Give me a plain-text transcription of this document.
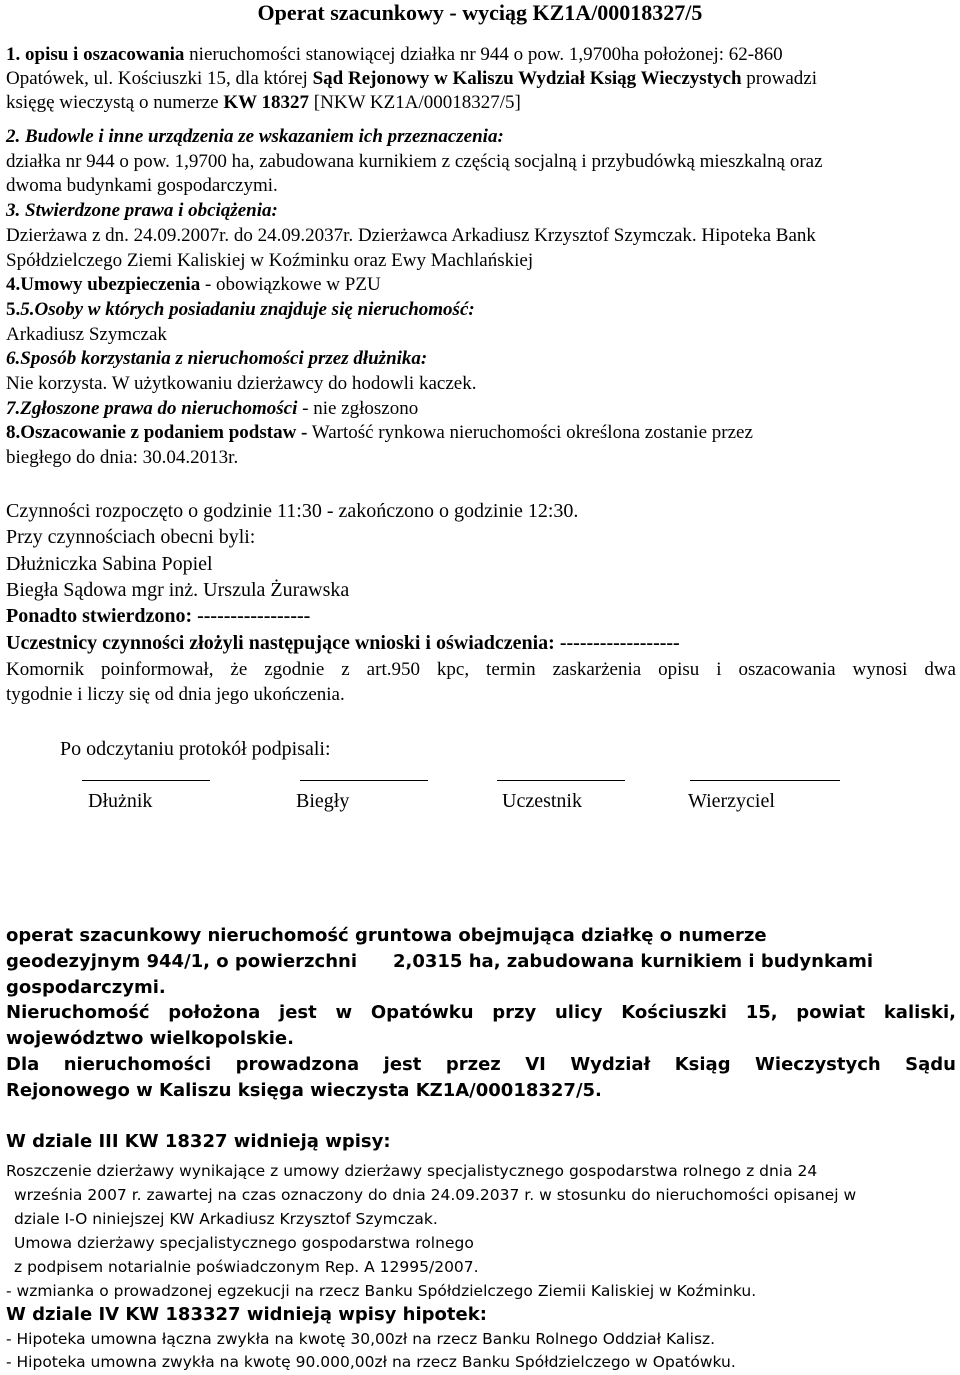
Operat szacunkowy - wyciąg KZ1A/00018327/5
1. opisu i oszacowania nieruchomości stanowiącej działka nr 944 o pow. 1,9700ha położonej: 62-860
Opatówek, ul. Kościuszki 15, dla której Sąd Rejonowy w Kaliszu Wydział Ksiąg Wieczystych prowadzi
księgę wieczystą o numerze KW 18327 [NKW KZ1A/00018327/5]
2. Budowle i inne urządzenia ze wskazaniem ich przeznaczenia:
działka nr 944 o pow. 1,9700 ha, zabudowana kurnikiem z częścią socjalną i przybudówką mieszkalną oraz
dwoma budynkami gospodarczymi.
3. Stwierdzone prawa i obciążenia:
Dzierżawa z dn. 24.09.2007r. do 24.09.2037r. Dzierżawca Arkadiusz Krzysztof Szymczak. Hipoteka Bank
Spółdzielczego Ziemi Kaliskiej w Koźminku oraz Ewy Machlańskiej
4.Umowy ubezpieczenia - obowiązkowe w PZU
5.5.Osoby w których posiadaniu znajduje się nieruchomość:
Arkadiusz Szymczak
6.Sposób korzystania z nieruchomości przez dłużnika:
Nie korzysta. W użytkowaniu dzierżawcy do hodowli kaczek.
7.Zgłoszone prawa do nieruchomości - nie zgłoszono
8.Oszacowanie z podaniem podstaw - Wartość rynkowa nieruchomości określona zostanie przez
biegłego do dnia: 30.04.2013r.
Czynności rozpoczęto o godzinie 11:30 - zakończono o godzinie 12:30.
Przy czynnościach obecni byli:
Dłużniczka Sabina Popiel
Biegła Sądowa mgr inż. Urszula Żurawska
Ponadto stwierdzono: -----------------
Uczestnicy czynności złożyli następujące wnioski i oświadczenia: ------------------
Komornik poinformował, że zgodnie z art.950 kpc, termin zaskarżenia opisu i oszacowania wynosi dwa
tygodnie i liczy się od dnia jego ukończenia.
Po odczytaniu protokół podpisali:
Dłużnik	Biegły	Uczestnik	Wierzyciel
operat szacunkowy nieruchomość gruntowa obejmująca działkę o numerze
geodezyjnym 944/1, o powierzchni 2,0315 ha, zabudowana kurnikiem i budynkami
gospodarczymi.
Nieruchomość położona jest w Opatówku przy ulicy Kościuszki 15, powiat kaliski,
województwo wielkopolskie.
Dla nieruchomości prowadzona jest przez VI Wydział Ksiąg Wieczystych Sądu
Rejonowego w Kaliszu księga wieczysta KZ1A/00018327/5.
W dziale III KW 18327 widnieją wpisy:
Roszczenie dzierżawy wynikające z umowy dzierżawy specjalistycznego gospodarstwa rolnego z dnia 24
września 2007 r. zawartej na czas oznaczony do dnia 24.09.2037 r. w stosunku do nieruchomości opisanej w
dziale I-O niniejszej KW Arkadiusz Krzysztof Szymczak.
Umowa dzierżawy specjalistycznego gospodarstwa rolnego
z podpisem notarialnie poświadczonym Rep. A 12995/2007.
- wzmianka o prowadzonej egzekucji na rzecz Banku Spółdzielczego Ziemii Kaliskiej w Koźminku.
W dziale IV KW 183327 widnieją wpisy hipotek:
- Hipoteka umowna łączna zwykła na kwotę 30,00zł na rzecz Banku Rolnego Oddział Kalisz.
- Hipoteka umowna zwykła na kwotę 90.000,00zł na rzecz Banku Spółdzielczego w Opatówku.
